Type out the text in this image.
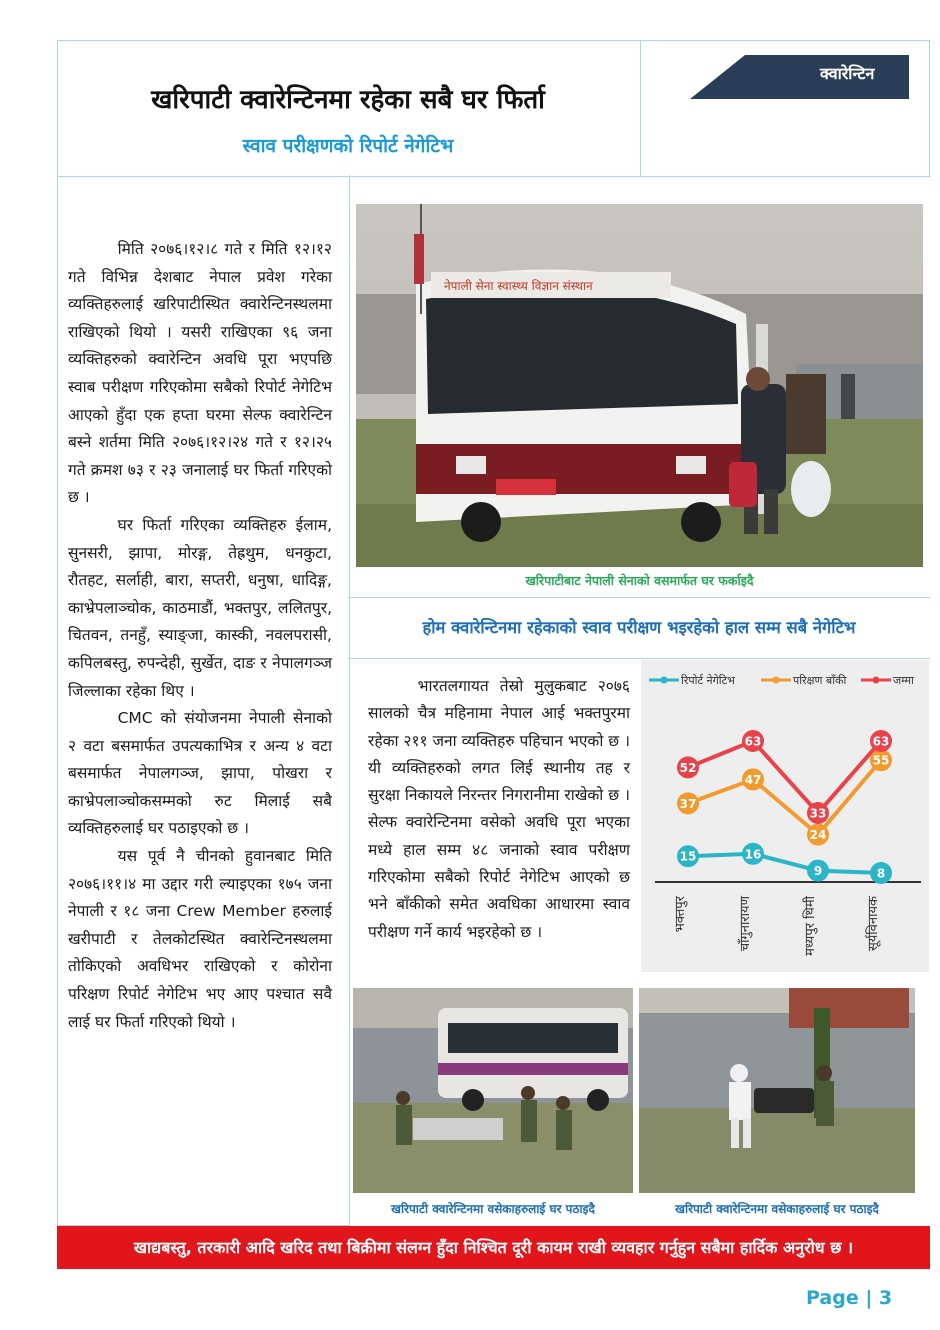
खरिपाटी क्वारेन्टिनमा रहेका सबै घर फिर्ता
स्वाव परीक्षणको रिपोर्ट नेगेटिभ
क्वारेन्टिन

मिति २०७६।१२।८ गते र मिति १२।१२ गते विभिन्न देशबाट नेपाल प्रवेश गरेका व्यक्तिहरुलाई खरिपाटीस्थित क्वारेन्टिनस्थलमा राखिएको थियो । यसरी राखिएका ९६ जना व्यक्तिहरुको क्वारेन्टिन अवधि पूरा भएपछि स्वाब परीक्षण गरिएकोमा सबैको रिपोर्ट नेगेटिभ आएको हुँदा एक हप्ता घरमा सेल्फ क्वारेन्टिन बस्ने शर्तमा मिति २०७६।१२।२४ गते र १२।२५ गते क्रमश ७३ र २३ जनालाई घर फिर्ता गरिएको छ ।

घर फिर्ता गरिएका व्यक्तिहरु ईलाम, सुनसरी, झापा, मोरङ्ग, तेह्रथुम, धनकुटा, रौतहट, सर्लाही, बारा, सप्तरी, धनुषा, धादिङ्ग, काभ्रेपलाञ्चोक, काठमाडौं, भक्तपुर, ललितपुर, चितवन, तनहुँ, स्याङ्जा, कास्की, नवलपरासी, कपिलबस्तु, रुपन्देही, सुर्खेत, दाङ र नेपालगञ्ज जिल्लाका रहेका थिए ।

CMC को संयोजनमा नेपाली सेनाको २ वटा बसमार्फत उपत्यकाभित्र र अन्य ४ वटा बसमार्फत नेपालगञ्ज, झापा, पोखरा र काभ्रेपलाञ्चोकसम्मको रुट मिलाई सबै व्यक्तिहरुलाई घर पठाइएको छ ।

यस पूर्व नै चीनको हुवानबाट मिति २०७६।११।४ मा उद्दार गरी ल्याइएका १७५ जना नेपाली र १८ जना Crew Member हरुलाई खरीपाटी र तेलकोटस्थित क्वारेन्टिनस्थलमा तोकिएको अवधिभर राखिएको र कोरोना परिक्षण रिपोर्ट नेगेटिभ भए आए पश्चात सवै लाई घर फिर्ता गरिएको थियो ।

नेपाली सेना स्वास्थ्य विज्ञान संस्थान
खरिपाटीबाट नेपाली सेनाको वसमार्फत घर फर्काइदै
होम क्वारेन्टिनमा रहेकाको स्वाव परीक्षण भइरहेको हाल सम्म सबै नेगेटिभ

भारतलगायत तेस्रो मुलुकबाट २०७६ सालको चैत्र महिनामा नेपाल आई भक्तपुरमा रहेका २११ जना व्यक्तिहरु पहिचान भएको छ । यी व्यक्तिहरुको लगत लिई स्थानीय तह र सुरक्षा निकायले निरन्तर निगरानीमा राखेको छ । सेल्फ क्वारेन्टिनमा वसेको अवधि पूरा भएका मध्ये हाल सम्म ४८ जनाको स्वाव परीक्षण गरिएकोमा सबैको रिपोर्ट नेगेटिभ आएको छ भने बाँकीको समेत अवधिका आधारमा स्वाव परीक्षण गर्ने कार्य भइरहेको छ ।

रिपोर्ट नेगेटिभ	परिक्षण बाँकी	जम्मा
15	16
9	8
37
47
24
55
52
63
33
63
भक्तपुर	चाँगुनारायण	मध्यपुर थिमी	सूर्यविनायक
खरिपाटी क्वारेन्टिनमा वसेकाहरुलाई घर पठाइदै	खरिपाटी क्वारेन्टिनमा वसेकाहरुलाई घर पठाइदै
खाद्यबस्तु, तरकारी आदि खरिद तथा बिक्रीमा संलग्न हुँदा निश्चित दूरी कायम राखी व्यवहार गर्नुहुन सबैमा हार्दिक अनुरोध छ ।
Page | 3
